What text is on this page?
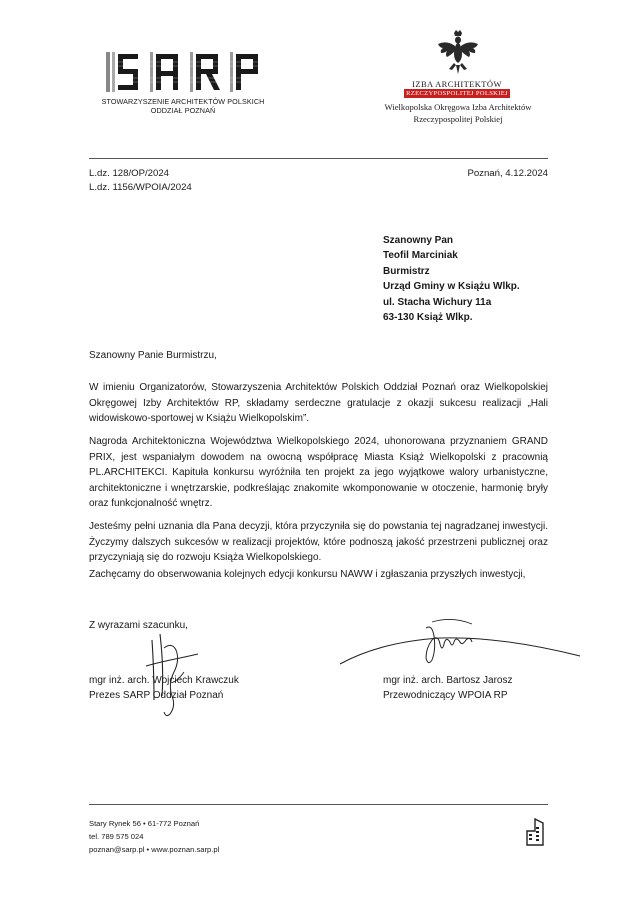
STOWARZYSZENIE ARCHITEKTÓW POLSKICH
ODDZIAŁ POZNAŃ
IZBA ARCHITEKTÓW
RZECZYPOSPOLITEJ POLSKIEJ
Wielkopolska Okręgowa Izba Architektów
Rzeczypospolitej Polskiej
L.dz. 128/OP/2024
L.dz. 1156/WPOIA/2024
Poznań, 4.12.2024
Szanowny Pan
Teofil Marciniak
Burmistrz
Urząd Gminy w Książu Wlkp.
ul. Stacha Wichury 11a
63-130 Książ Wlkp.
Szanowny Panie Burmistrzu,

W imieniu Organizatorów, Stowarzyszenia Architektów Polskich Oddział Poznań oraz Wielkopolskiej Okręgowej Izby Architektów RP, składamy serdeczne gratulacje z okazji sukcesu realizacji „Hali widowiskowo-sportowej w Książu Wielkopolskim”.

Nagroda Architektoniczna Województwa Wielkopolskiego 2024, uhonorowana przyznaniem GRAND PRIX, jest wspaniałym dowodem na owocną współpracę Miasta Książ Wielkopolski z pracownią PL.ARCHITEKCI. Kapituła konkursu wyróżniła ten projekt za jego wyjątkowe walory urbanistyczne, architektoniczne i wnętrzarskie, podkreślając znakomite wkomponowanie w otoczenie, harmonię bryły oraz funkcjonalność wnętrz.

Jesteśmy pełni uznania dla Pana decyzji, która przyczyniła się do powstania tej nagradzanej inwestycji. Życzymy dalszych sukcesów w realizacji projektów, które podnoszą jakość przestrzeni publicznej oraz przyczyniają się do rozwoju Książa Wielkopolskiego.

Zachęcamy do obserwowania kolejnych edycji konkursu NAWW i zgłaszania przyszłych inwestycji,

Z wyrazami szacunku,
mgr inż. arch. Wojciech Krawczuk
Prezes SARP Oddział Poznań
mgr inż. arch. Bartosz Jarosz
Przewodniczący WPOIA RP
Stary Rynek 56 • 61-772 Poznań
tel. 789 575 024
poznan@sarp.pl • www.poznan.sarp.pl
